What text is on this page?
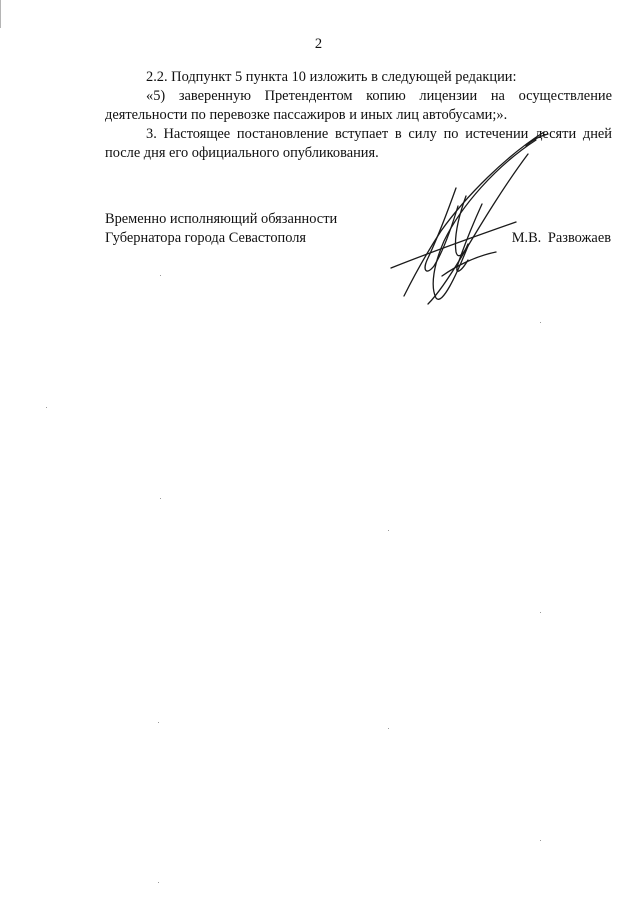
2

2.2. Подпункт 5 пункта 10 изложить в следующей редакции:

«5) заверенную Претендентом копию лицензии на осуществление деятельности по перевозке пассажиров и иных лиц автобусами;».

3. Настоящее постановление вступает в силу по истечении десяти дней после дня его официального опубликования.

Временно исполняющий обязанности
Губернатора города Севастополя	М.В. Развожаев
